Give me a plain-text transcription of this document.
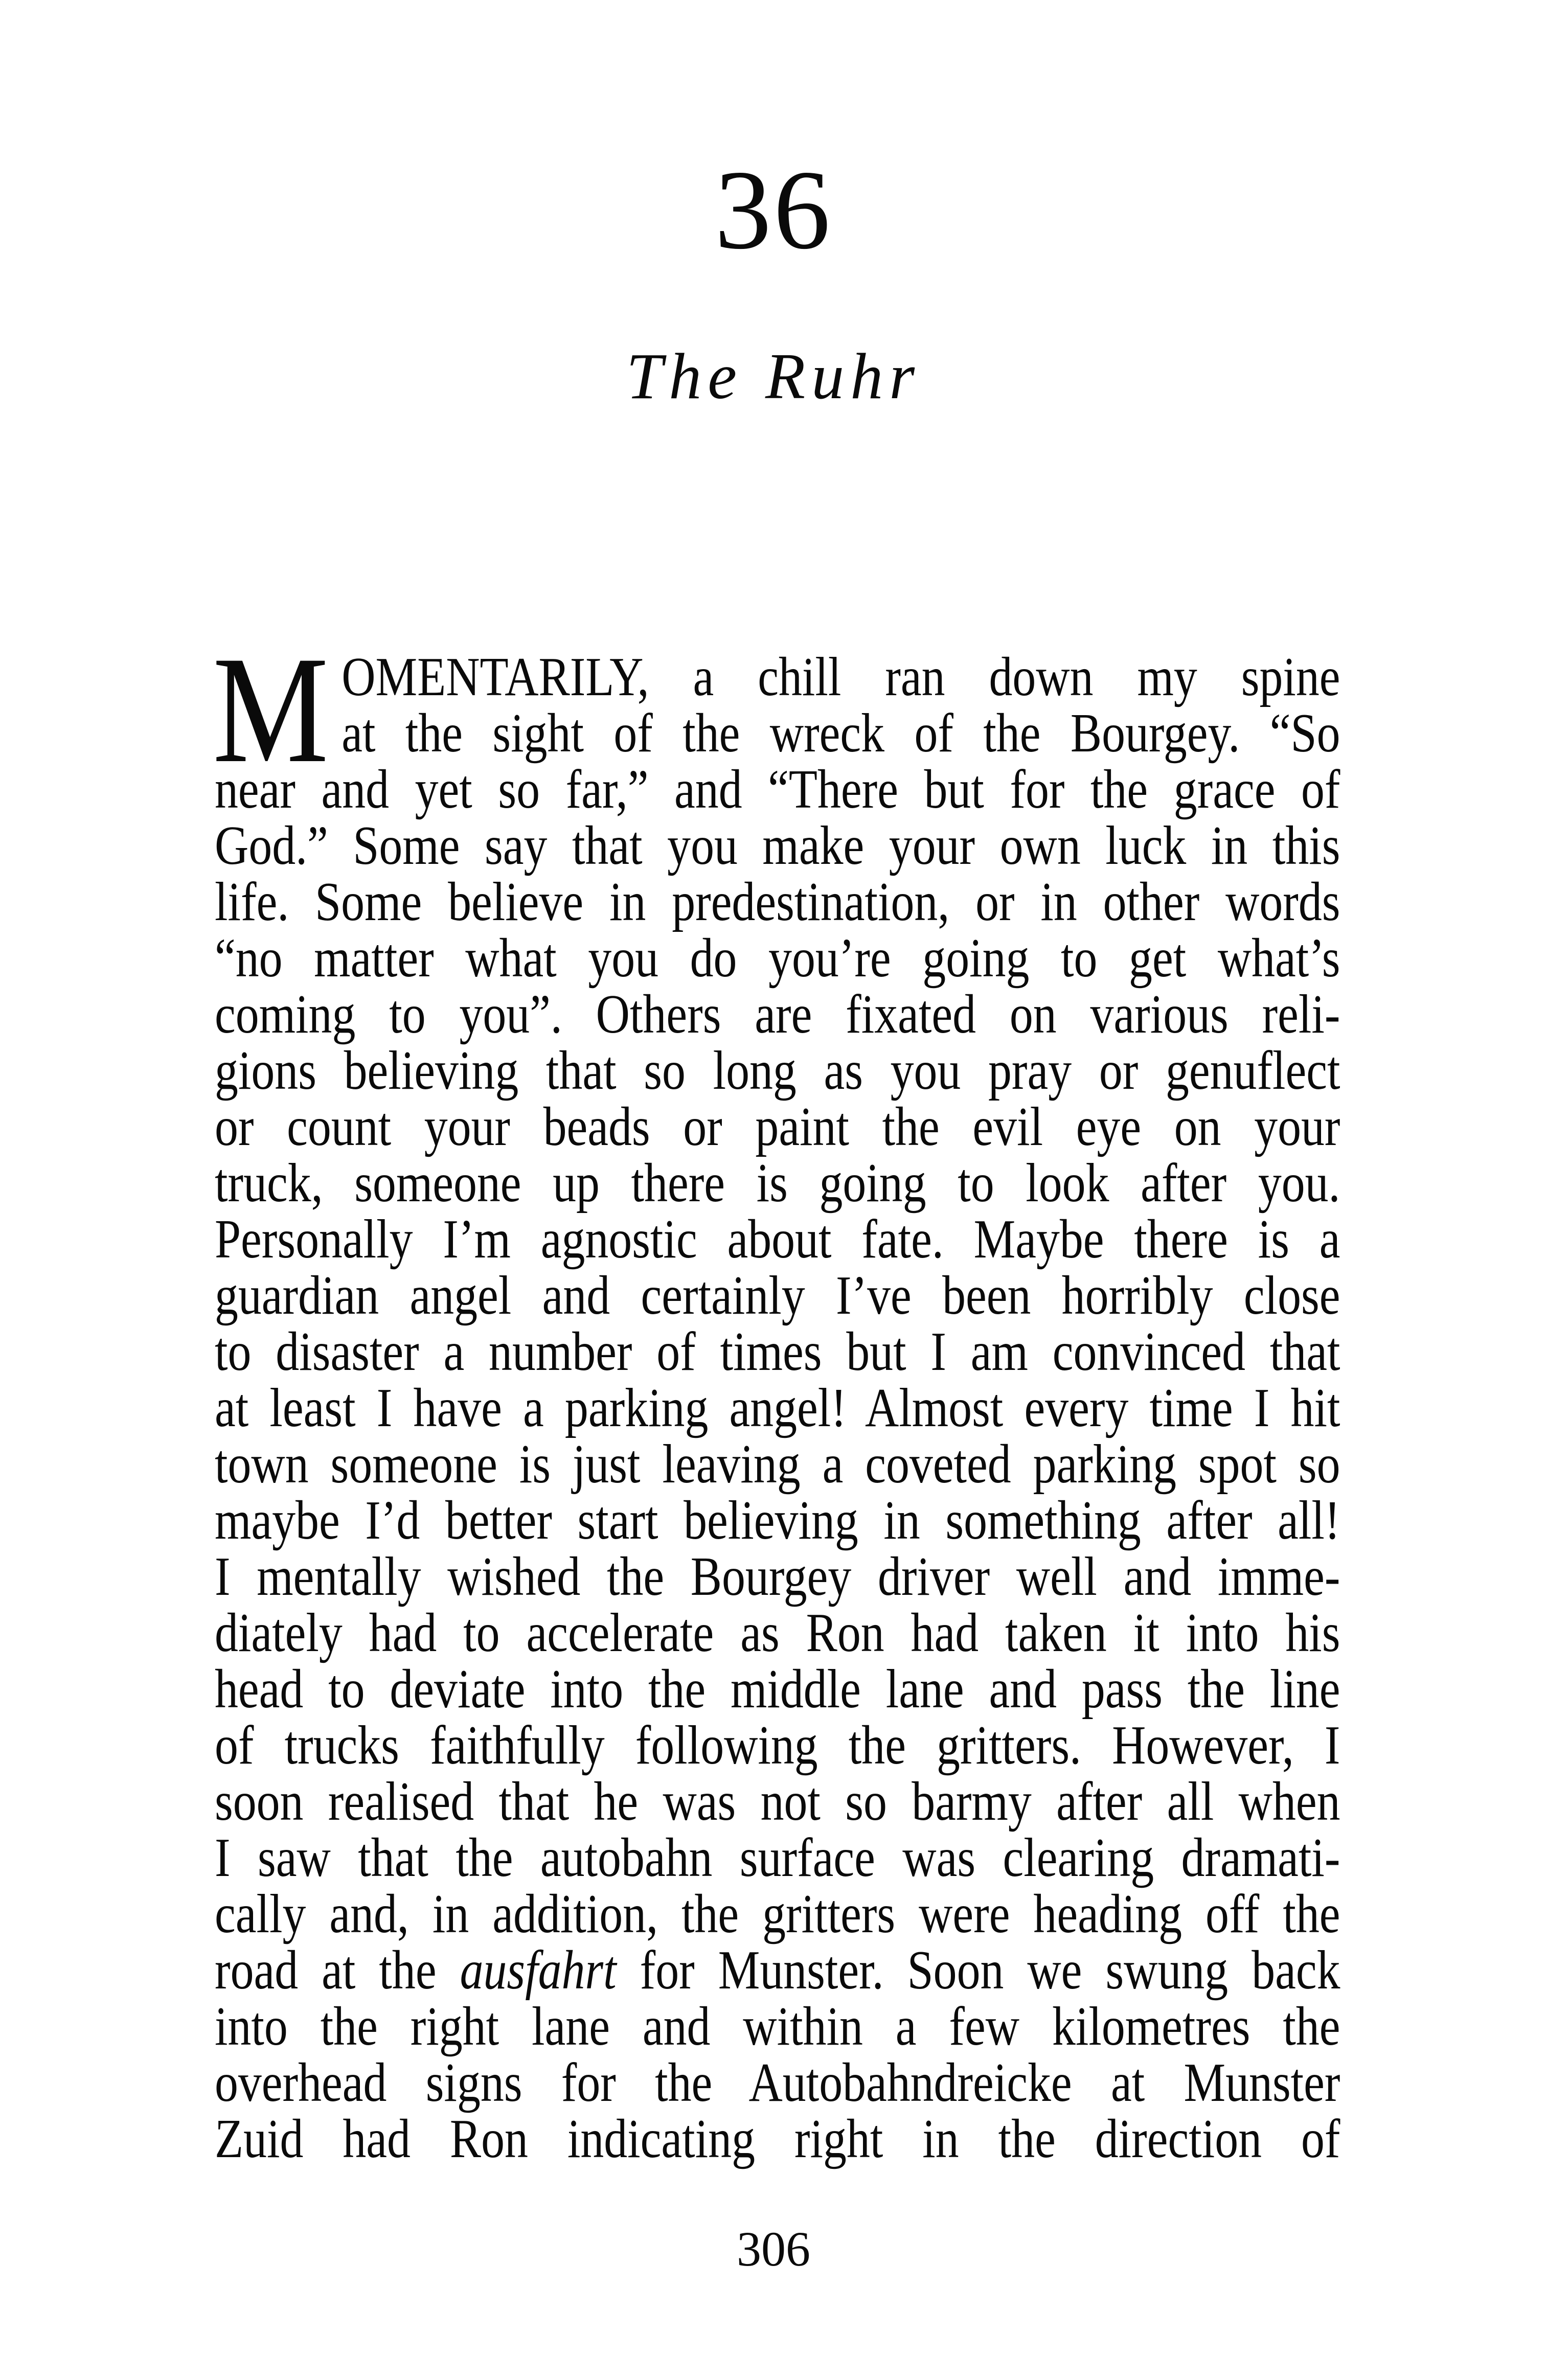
36
The Ruhr
M OMENTARILY, a chill ran down my spine
at the sight of the wreck of the Bourgey. “So
near and yet so far,” and “There but for the grace of
God.” Some say that you make your own luck in this
life. Some believe in predestination, or in other words
“no matter what you do you’re going to get what’s
coming to you”. Others are fixated on various reli-
gions believing that so long as you pray or genuflect
or count your beads or paint the evil eye on your
truck, someone up there is going to look after you.
Personally I’m agnostic about fate. Maybe there is a
guardian angel and certainly I’ve been horribly close
to disaster a number of times but I am convinced that
at least I have a parking angel! Almost every time I hit
town someone is just leaving a coveted parking spot so
maybe I’d better start believing in something after all!
I mentally wished the Bourgey driver well and imme-
diately had to accelerate as Ron had taken it into his
head to deviate into the middle lane and pass the line
of trucks faithfully following the gritters. However, I
soon realised that he was not so barmy after all when
I saw that the autobahn surface was clearing dramati-
cally and, in addition, the gritters were heading off the
road at the ausfahrt for Munster. Soon we swung back
into the right lane and within a few kilometres the
overhead signs for the Autobahndreicke at Munster
Zuid had Ron indicating right in the direction of
306
